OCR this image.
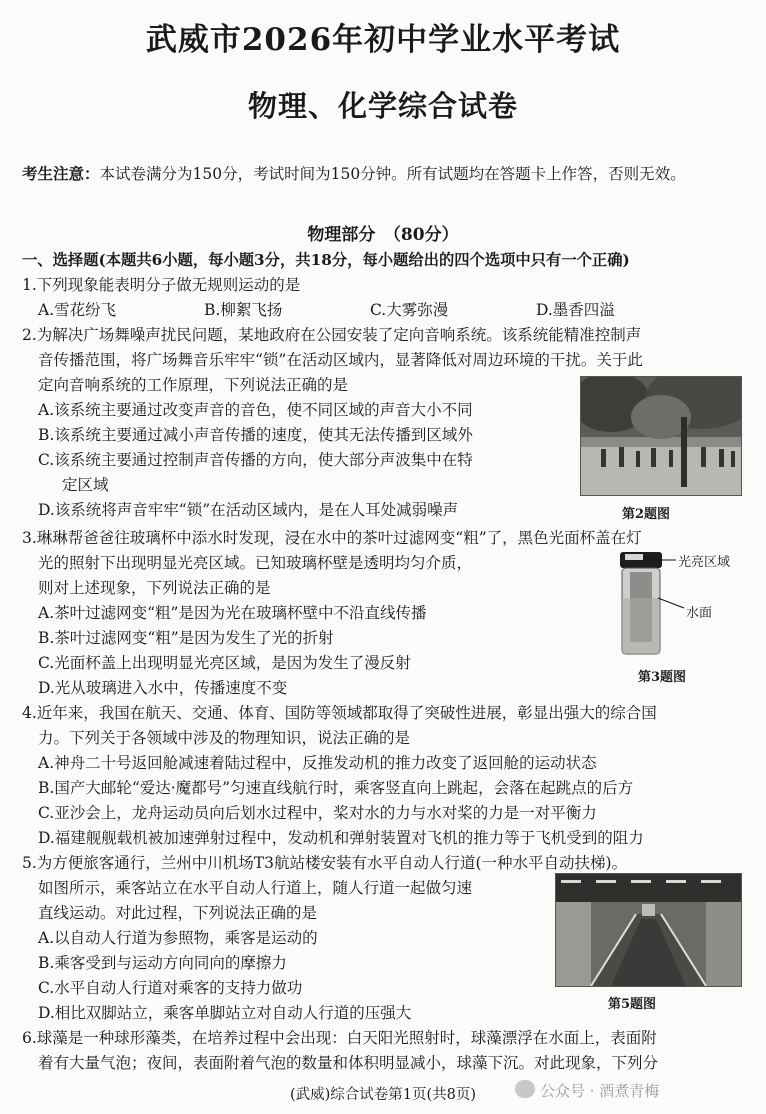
武威市2026年初中学业水平考试
物理、化学综合试卷
考生注意：本试卷满分为150分，考试时间为150分钟。所有试题均在答题卡上作答，否则无效。
物理部分　（80分）
一、选择题(本题共6小题，每小题3分，共18分，每小题给出的四个选项中只有一个正确)
1.下列现象能表明分子做无规则运动的是
A.雪花纷飞	B.柳絮飞扬	C.大雾弥漫	D.墨香四溢
2.为解决广场舞噪声扰民问题，某地政府在公园安装了定向音响系统。该系统能精准控制声
音传播范围，将广场舞音乐牢牢“锁”在活动区域内，显著降低对周边环境的干扰。关于此
定向音响系统的工作原理，下列说法正确的是
A.该系统主要通过改变声音的音色，使不同区域的声音大小不同
B.该系统主要通过减小声音传播的速度，使其无法传播到区域外
C.该系统主要通过控制声音传播的方向，使大部分声波集中在特
定区域
D.该系统将声音牢牢“锁”在活动区域内，是在人耳处减弱噪声	第2题图
3.琳琳帮爸爸往玻璃杯中添水时发现，浸在水中的茶叶过滤网变“粗”了，黑色光面杯盖在灯
光的照射下出现明显光亮区域。已知玻璃杯壁是透明均匀介质，
则对上述现象，下列说法正确的是
A.茶叶过滤网变“粗”是因为光在玻璃杯壁中不沿直线传播
B.茶叶过滤网变“粗”是因为发生了光的折射
C.光面杯盖上出现明显光亮区域，是因为发生了漫反射
D.光从玻璃进入水中，传播速度不变
光亮区域
水面
第3题图
4.近年来，我国在航天、交通、体育、国防等领域都取得了突破性进展，彰显出强大的综合国
力。下列关于各领域中涉及的物理知识，说法正确的是
A.神舟二十号返回舱减速着陆过程中，反推发动机的推力改变了返回舱的运动状态
B.国产大邮轮“爱达·魔都号”匀速直线航行时，乘客竖直向上跳起，会落在起跳点的后方
C.亚沙会上，龙舟运动员向后划水过程中，桨对水的力与水对桨的力是一对平衡力
D.福建舰舰载机被加速弹射过程中，发动机和弹射装置对飞机的推力等于飞机受到的阻力
5.为方便旅客通行，兰州中川机场T3航站楼安装有水平自动人行道(一种水平自动扶梯)。
如图所示，乘客站立在水平自动人行道上，随人行道一起做匀速
直线运动。对此过程，下列说法正确的是
A.以自动人行道为参照物，乘客是运动的
B.乘客受到与运动方向同向的摩擦力
C.水平自动人行道对乘客的支持力做功
D.相比双脚站立，乘客单脚站立对自动人行道的压强大	第5题图
6.球藻是一种球形藻类，在培养过程中会出现：白天阳光照射时，球藻漂浮在水面上，表面附
着有大量气泡；夜间，表面附着气泡的数量和体积明显减小，球藻下沉。对此现象，下列分
(武威)综合试卷第1页(共8页)	公众号 · 酒煮青梅
